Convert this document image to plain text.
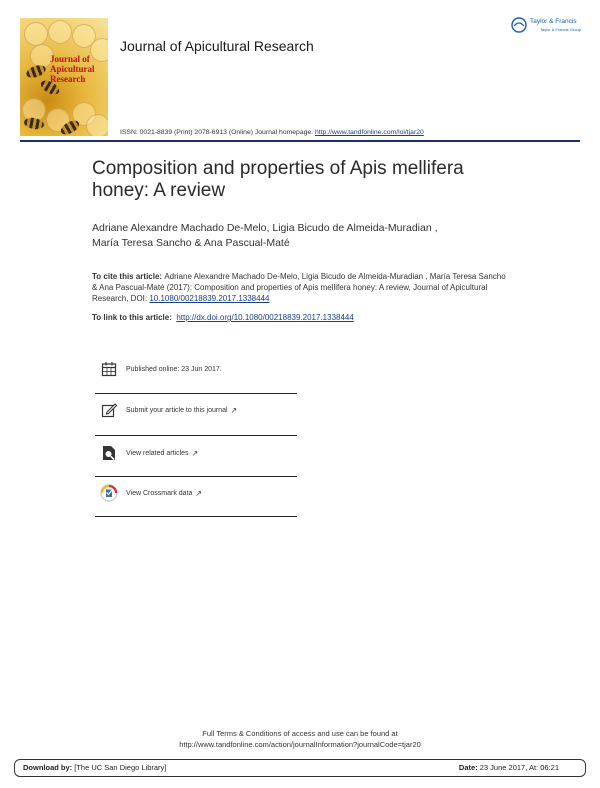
Journal of Apicultural Research
Journal of Apicultural Research
Taylor & Francis
Taylor & Francis Group
ISSN: 0021-8839 (Print) 2078-6913 (Online) Journal homepage: http://www.tandfonline.com/loi/tjar20
Composition and properties of Apis mellifera honey: A review
Adriane Alexandre Machado De-Melo, Ligia Bicudo de Almeida-Muradian ,
María Teresa Sancho & Ana Pascual-Maté
To cite this article: Adriane Alexandre Machado De-Melo, Ligia Bicudo de Almeida-Muradian , María Teresa Sancho & Ana Pascual-Maté (2017): Composition and properties of Apis mellifera honey: A review, Journal of Apicultural Research, DOI: 10.1080/00218839.2017.1338444
To link to this article:  http://dx.doi.org/10.1080/00218839.2017.1338444
Published online: 23 Jun 2017.
Submit your article to this journal ↗
View related articles ↗
View Crossmark data ↗
Full Terms & Conditions of access and use can be found at
http://www.tandfonline.com/action/journalInformation?journalCode=tjar20
Download by: [The UC San Diego Library]	Date: 23 June 2017, At: 06:21
